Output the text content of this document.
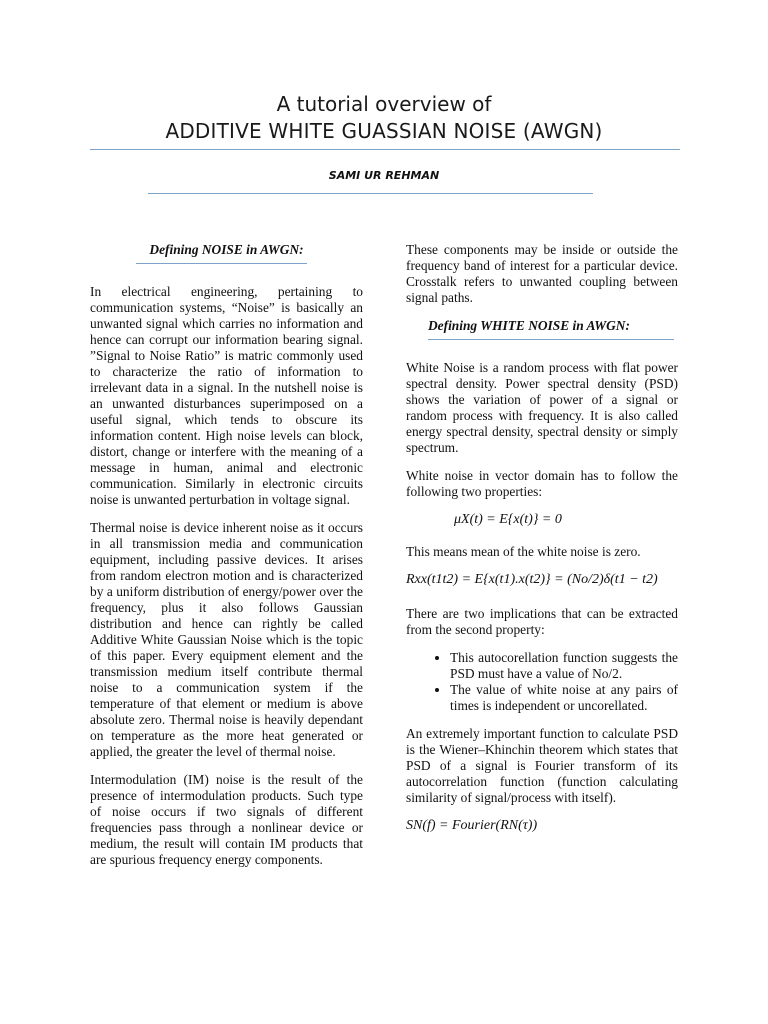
A tutorial overview of
ADDITIVE WHITE GUASSIAN NOISE (AWGN)
SAMI UR REHMAN
Defining NOISE in AWGN:

In electrical engineering, pertaining to communication systems, “Noise” is basically an unwanted signal which carries no information and hence can corrupt our information bearing signal. ”Signal to Noise Ratio” is matric commonly used to characterize the ratio of information to irrelevant data in a signal. In the nutshell noise is an unwanted disturbances superimposed on a useful signal, which tends to obscure its information content. High noise levels can block, distort, change or interfere with the meaning of a message in human, animal and electronic communication. Similarly in electronic circuits noise is unwanted perturbation in voltage signal.

Thermal noise is device inherent noise as it occurs in all transmission media and communication equipment, including passive devices. It arises from random electron motion and is characterized by a uniform distribution of energy/power over the frequency, plus it also follows Gaussian distribution and hence can rightly be called Additive White Gaussian Noise which is the topic of this paper. Every equipment element and the transmission medium itself contribute thermal noise to a communication system if the temperature of that element or medium is above absolute zero. Thermal noise is heavily dependant on temperature as the more heat generated or applied, the greater the level of thermal noise.

Intermodulation (IM) noise is the result of the presence of intermodulation products. Such type of noise occurs if two signals of different frequencies pass through a nonlinear device or medium, the result will contain IM products that are spurious frequency energy components.

These components may be inside or outside the frequency band of interest for a particular device. Crosstalk refers to unwanted coupling between signal paths.

Defining WHITE NOISE in AWGN:

White Noise is a random process with flat power spectral density. Power spectral density (PSD) shows the variation of power of a signal or random process with frequency. It is also called energy spectral density, spectral density or simply spectrum.

White noise in vector domain has to follow the following two properties:

μX(t) = E{x(t)} = 0

This means mean of the white noise is zero.

Rxx(t1t2) = E{x(t1).x(t2)} = (No/2)δ(t1 − t2)

There are two implications that can be extracted from the second property:

• This autocorellation function suggests the PSD must have a value of No/2.
• The value of white noise at any pairs of times is independent or uncorellated.

An extremely important function to calculate PSD is the Wiener–Khinchin theorem which states that PSD of a signal is Fourier transform of its autocorrelation function (function calculating similarity of signal/process with itself).

SN(f) = Fourier(RN(τ))
